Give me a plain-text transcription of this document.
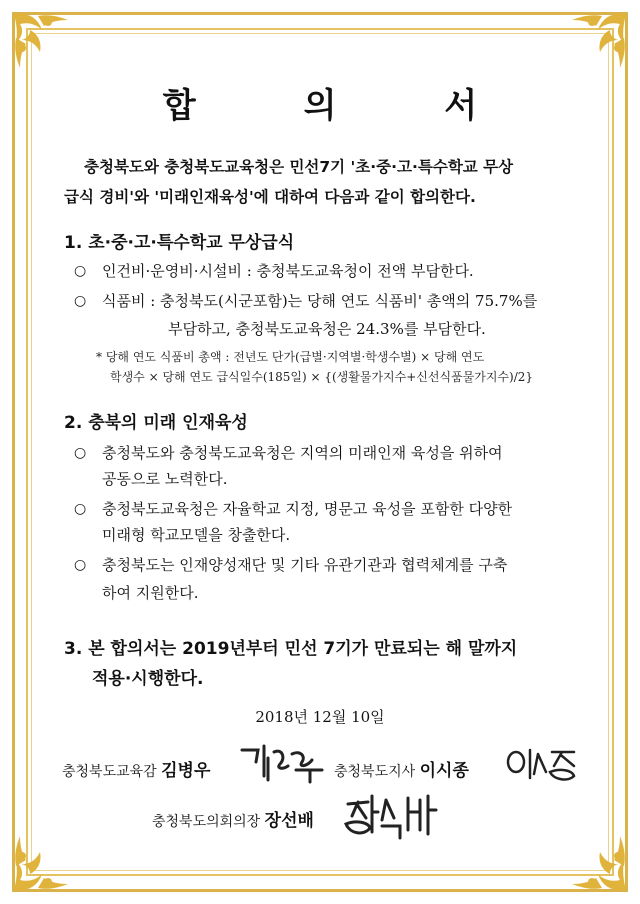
합 의 서
충청북도와 충청북도교육청은 민선7기 '초·중·고·특수학교 무상
급식 경비'와 '미래인재육성'에 대하여 다음과 같이 합의한다.
1. 초·중·고·특수학교 무상급식
○ 인건비·운영비·시설비 : 충청북도교육청이 전액 부담한다.
○ 식품비 : 충청북도(시군포함)는 당해 연도 식품비' 총액의 75.7%를
부담하고, 충청북도교육청은 24.3%를 부담한다.
* 당해 연도 식품비 총액 : 전년도 단가(급별·지역별·학생수별) × 당해 연도
학생수 × 당해 연도 급식일수(185일) × {(생활물가지수+신선식품물가지수)/2}
2. 충북의 미래 인재육성
○ 충청북도와 충청북도교육청은 지역의 미래인재 육성을 위하여
공동으로 노력한다.
○ 충청북도교육청은 자율학교 지정, 명문고 육성을 포함한 다양한
미래형 학교모델을 창출한다.
○ 충청북도는 인재양성재단 및 기타 유관기관과 협력체계를 구축
하여 지원한다.
3. 본 합의서는 2019년부터 민선 7기가 만료되는 해 말까지
적용·시행한다.
2018년 12월 10일
충청북도교육감 김병우	충청북도지사 이시종
충청북도의회의장 장선배
